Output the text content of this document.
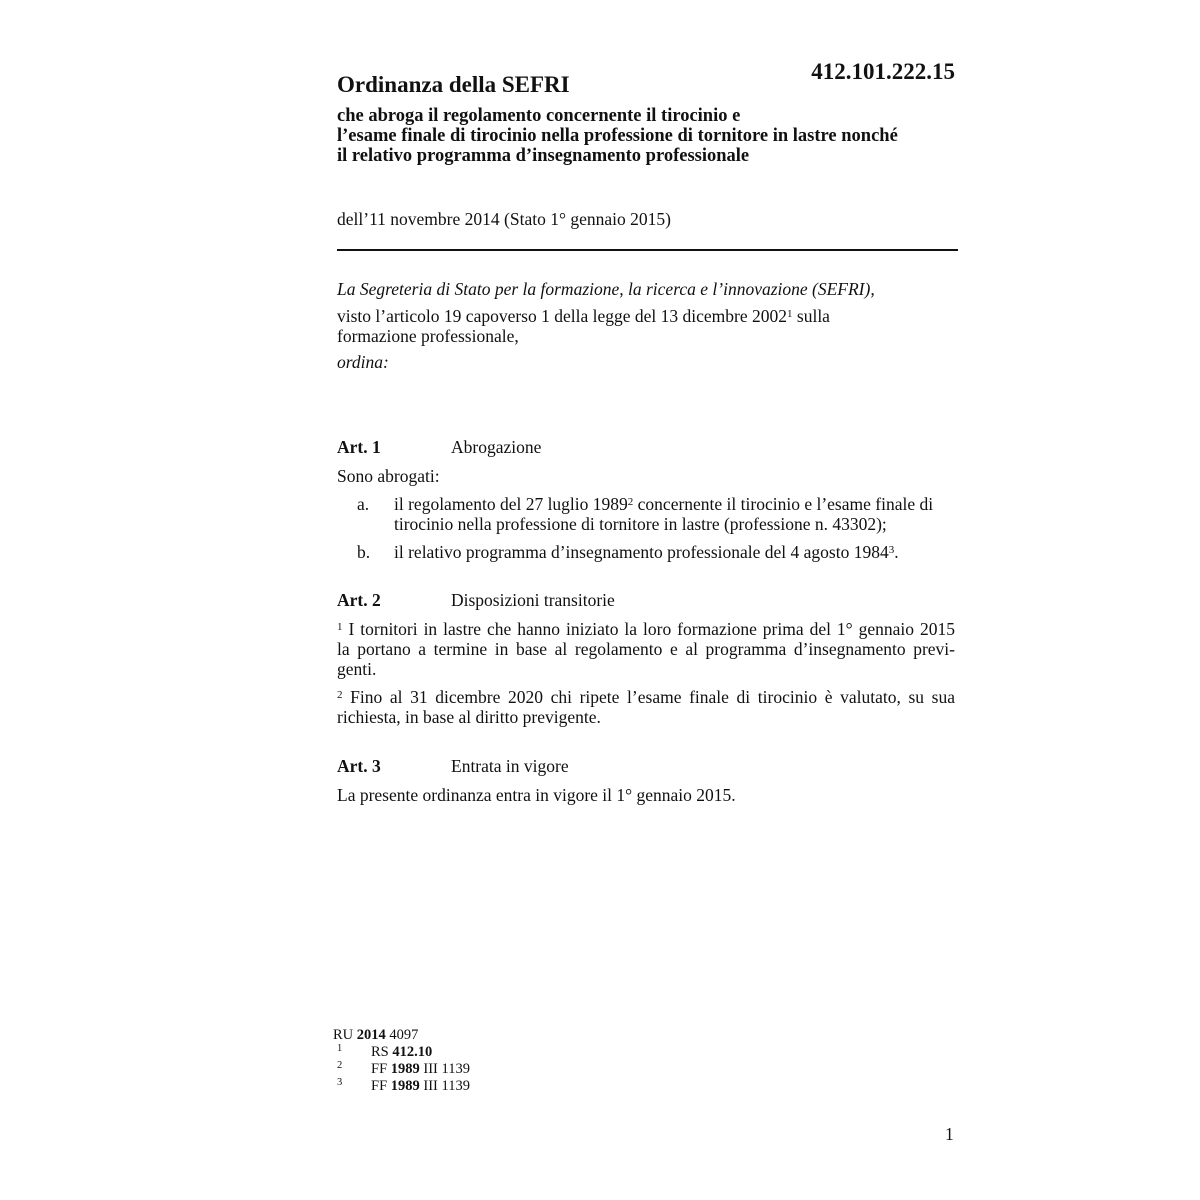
412.101.222.15
Ordinanza della SEFRI
che abroga il regolamento concernente il tirocinio e
l’esame finale di tirocinio nella professione di tornitore in lastre nonché
il relativo programma d’insegnamento professionale
dell’11 novembre 2014 (Stato 1° gennaio 2015)
La Segreteria di Stato per la formazione, la ricerca e l’innovazione (SEFRI),
visto l’articolo 19 capoverso 1 della legge del 13 dicembre 2002$^1$ sulla
formazione professionale,
ordina:
Art. 1	Abrogazione
Sono abrogati:
a. il regolamento del 27 luglio 1989$^2$ concernente il tirocinio e l’esame finale di
tirocinio nella professione di tornitore in lastre (professione n. 43302);
b. il relativo programma d’insegnamento professionale del 4 agosto 1984$^3$.
Art. 2	Disposizioni transitorie
$^1$ I tornitori in lastre che hanno iniziato la loro formazione prima del 1° gennaio 2015
la portano a termine in base al regolamento e al programma d’insegnamento previ-
genti.
$^2$ Fino al 31 dicembre 2020 chi ripete l’esame finale di tirocinio è valutato, su sua
richiesta, in base al diritto previgente.
Art. 3	Entrata in vigore
La presente ordinanza entra in vigore il 1° gennaio 2015.
RU 2014 4097
1 RS 412.10
2 FF 1989 III 1139
3 FF 1989 III 1139
1
